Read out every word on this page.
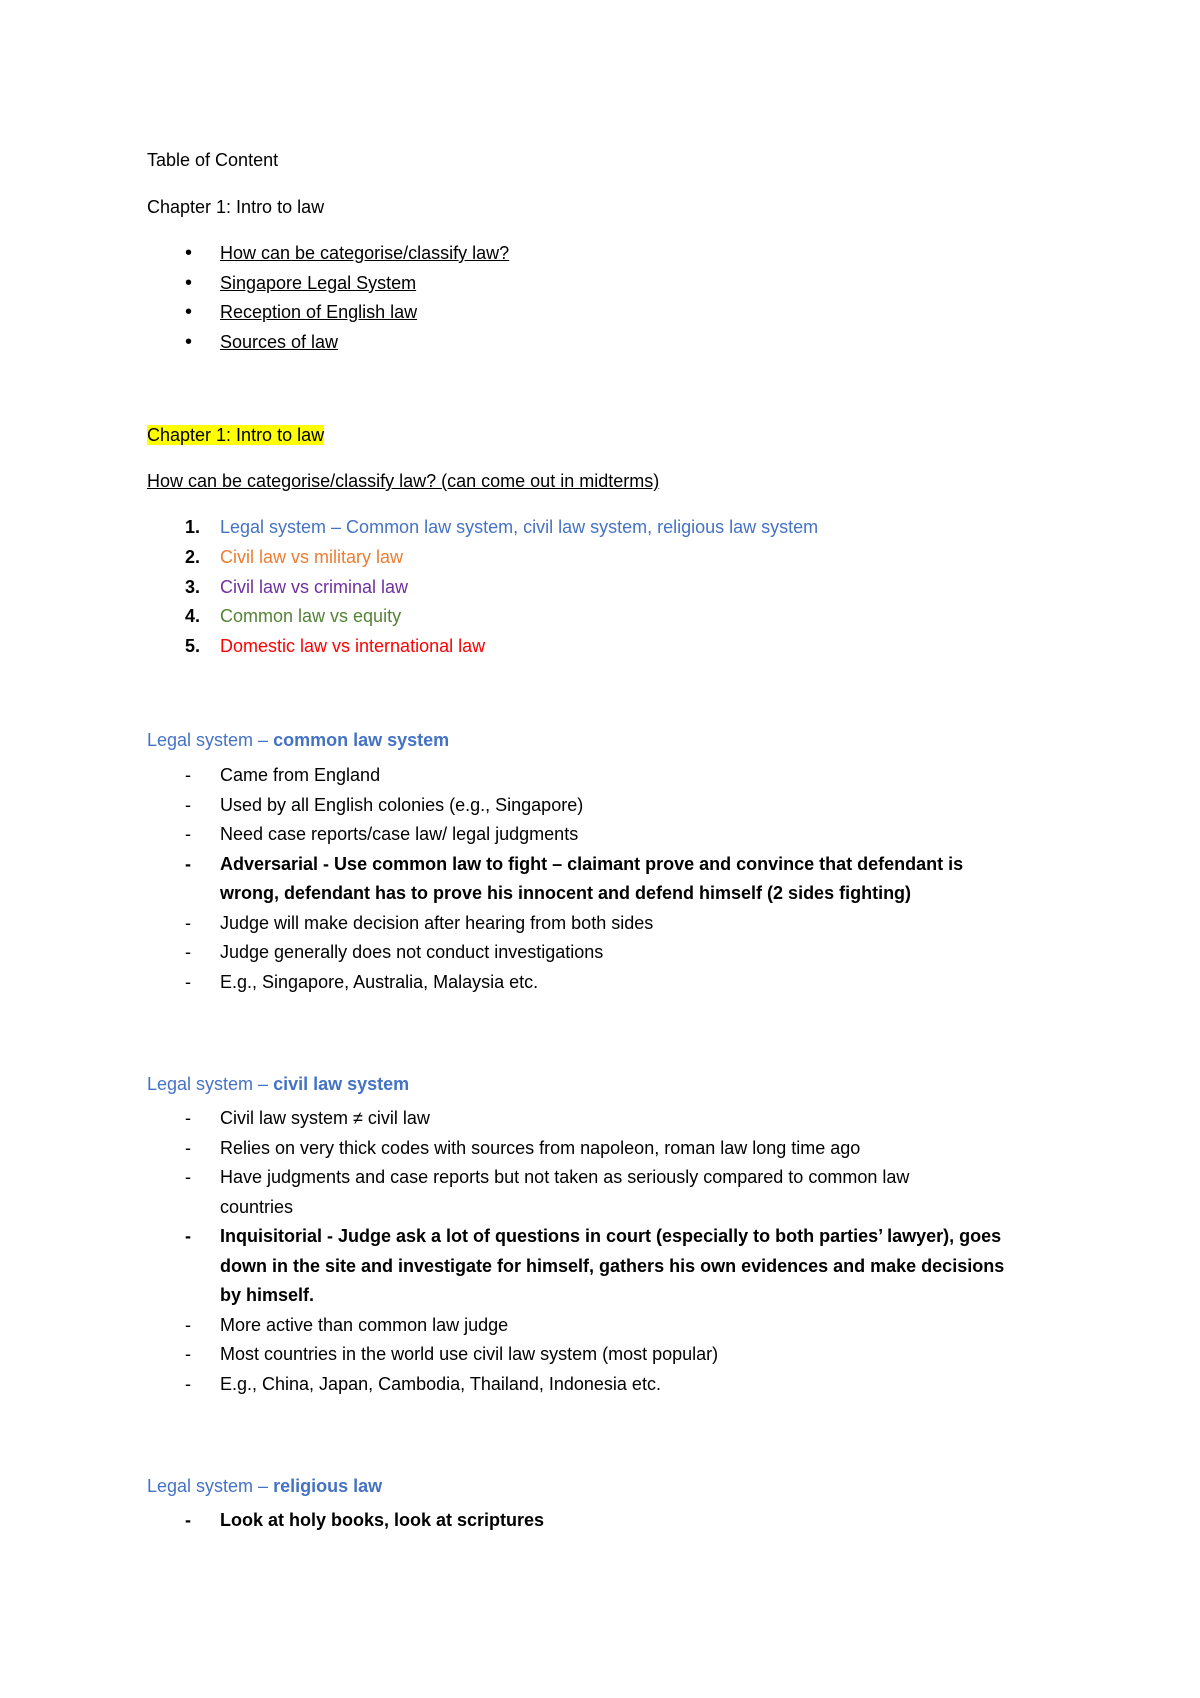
Table of Content
Chapter 1: Intro to law
• How can be categorise/classify law?
• Singapore Legal System
• Reception of English law
• Sources of law
Chapter 1: Intro to law
How can be categorise/classify law? (can come out in midterms)
1. Legal system – Common law system, civil law system, religious law system
2. Civil law vs military law
3. Civil law vs criminal law
4. Common law vs equity
5. Domestic law vs international law
Legal system – common law system
- Came from England
- Used by all English colonies (e.g., Singapore)
- Need case reports/case law/ legal judgments
- Adversarial - Use common law to fight – claimant prove and convince that defendant is
wrong, defendant has to prove his innocent and defend himself (2 sides fighting)
- Judge will make decision after hearing from both sides
- Judge generally does not conduct investigations
- E.g., Singapore, Australia, Malaysia etc.
Legal system – civil law system
- Civil law system ≠ civil law
- Relies on very thick codes with sources from napoleon, roman law long time ago
- Have judgments and case reports but not taken as seriously compared to common law
countries
- Inquisitorial - Judge ask a lot of questions in court (especially to both parties’ lawyer), goes
down in the site and investigate for himself, gathers his own evidences and make decisions
by himself.
- More active than common law judge
- Most countries in the world use civil law system (most popular)
- E.g., China, Japan, Cambodia, Thailand, Indonesia etc.
Legal system – religious law
- Look at holy books, look at scriptures
